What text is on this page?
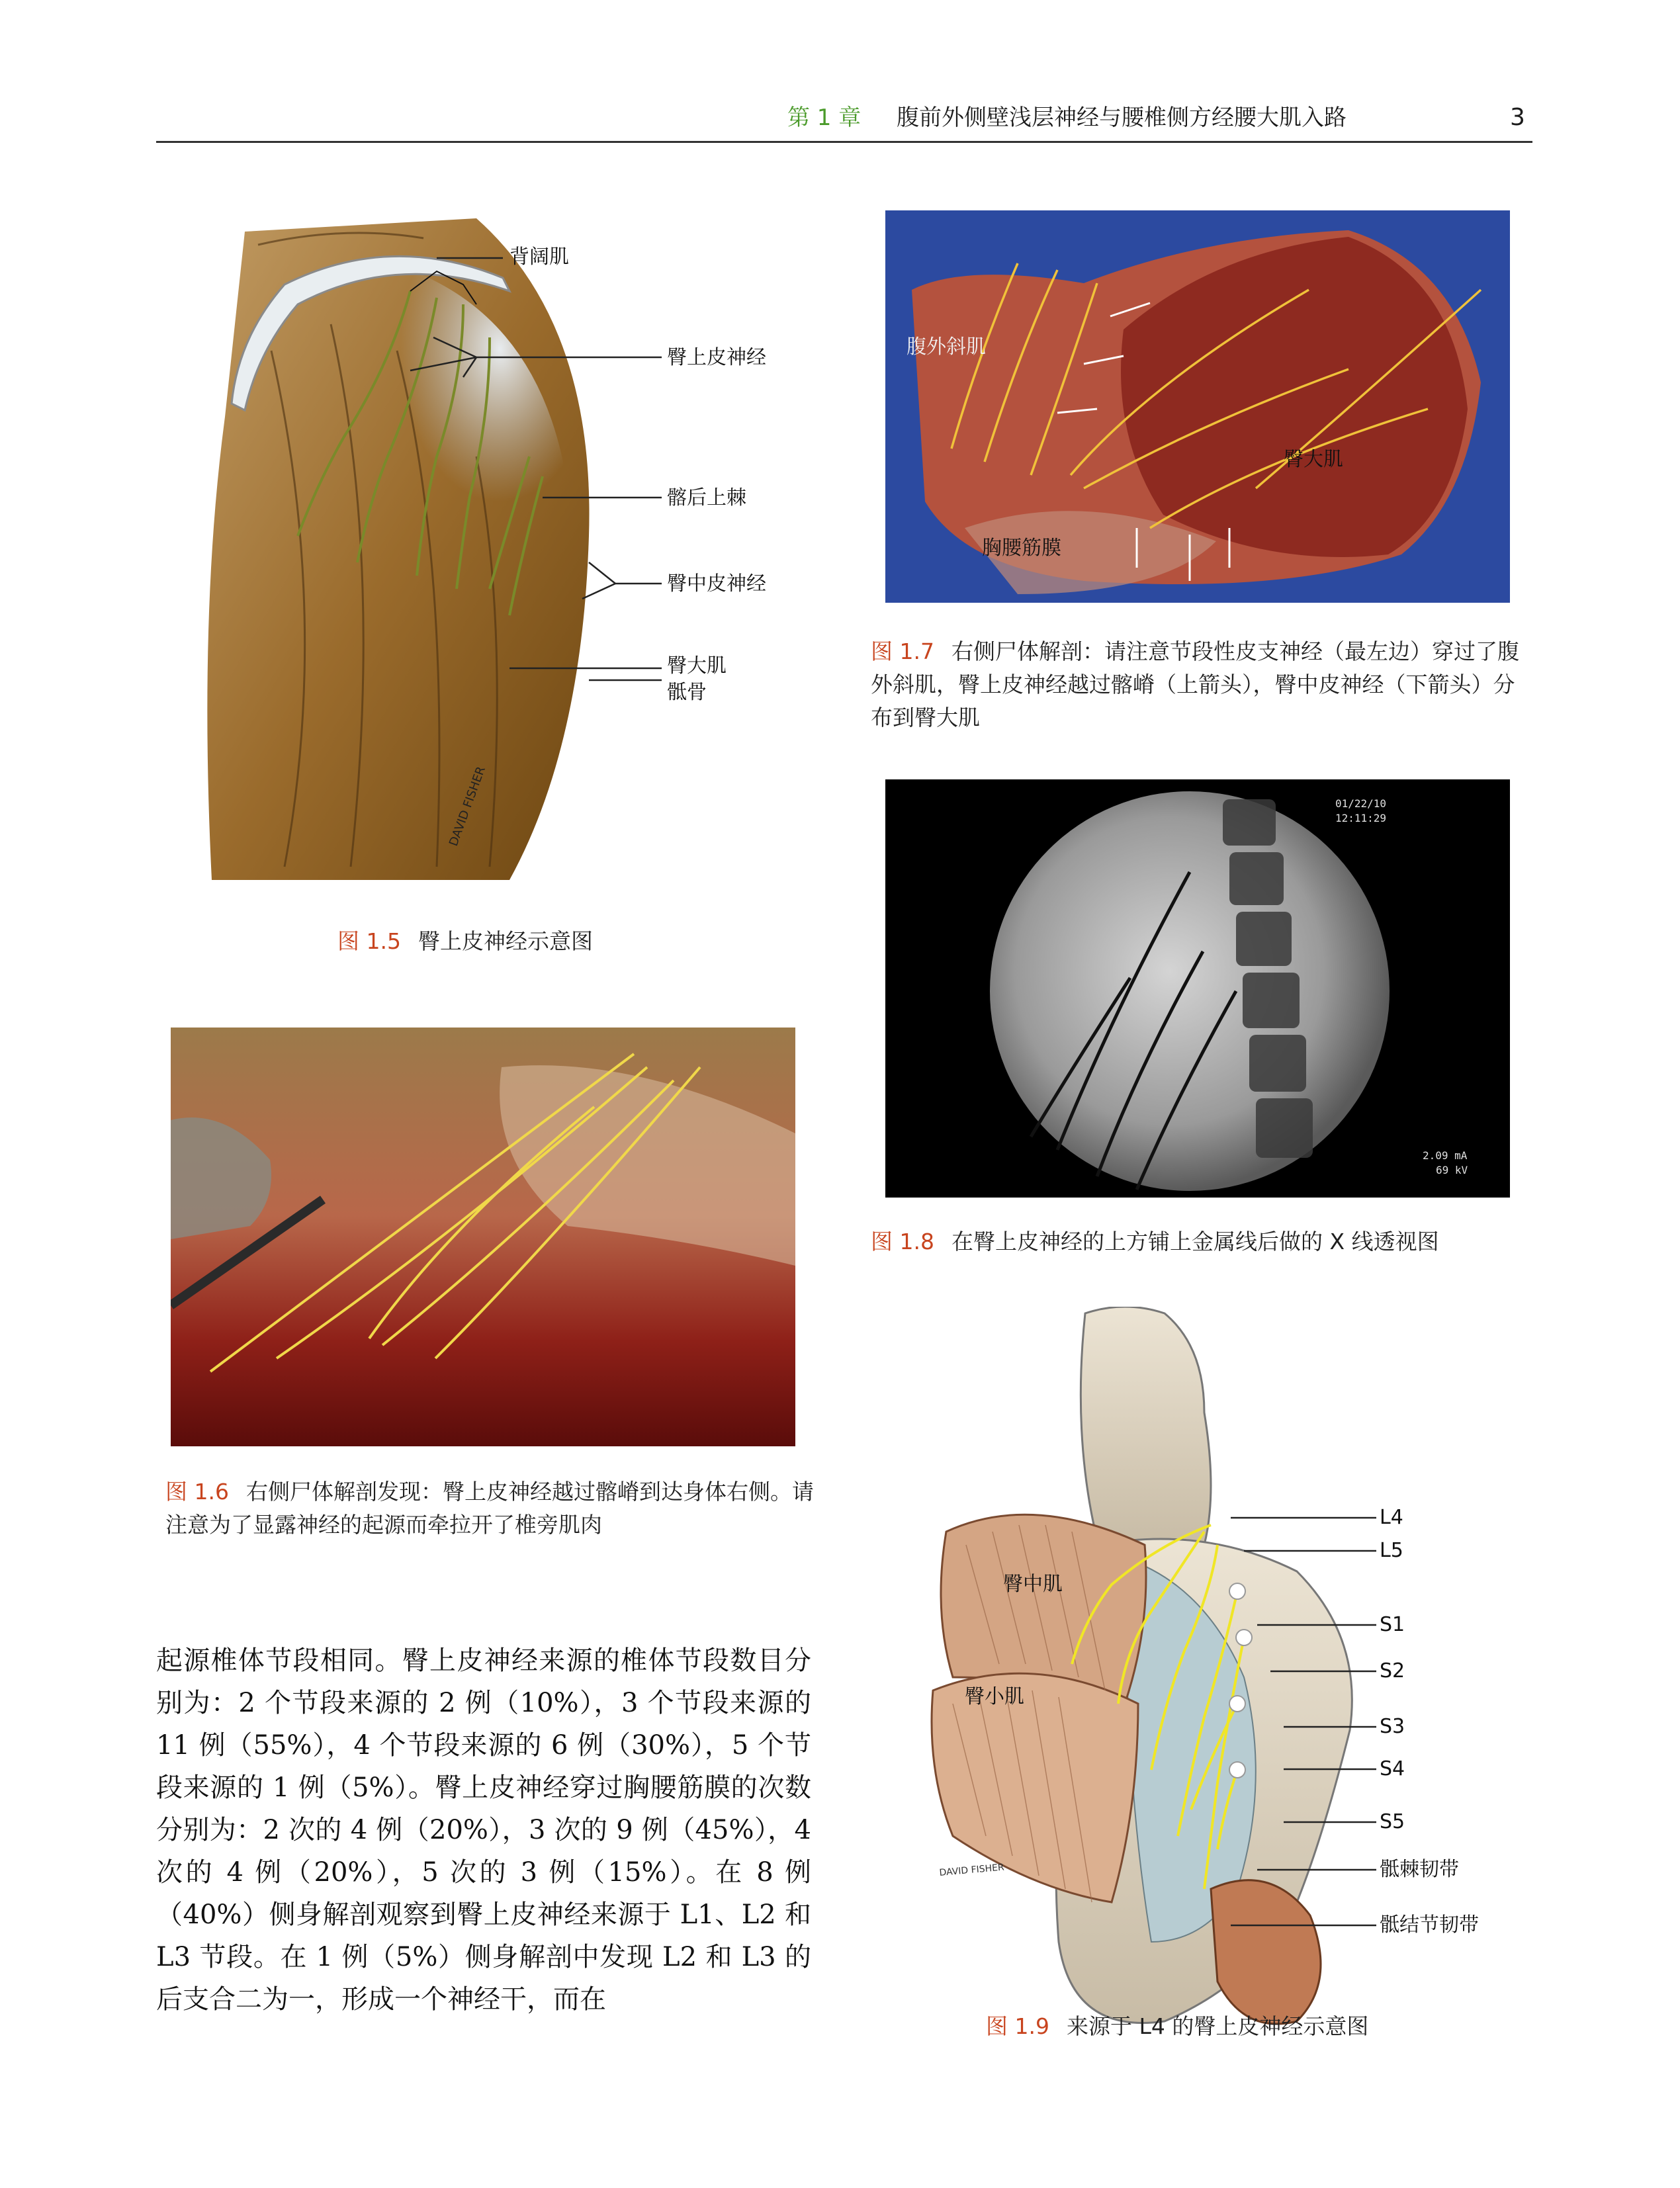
第 1 章 腹前外侧壁浅层神经与腰椎侧方经腰大肌入路	3
DAVID FISHER
背阔肌
臀上皮神经
髂后上棘
臀中皮神经
臀大肌
骶骨
图 1.5 臀上皮神经示意图
图 1.6 右侧尸体解剖发现：臀上皮神经越过髂嵴到达身体右侧。请注意为了显露神经的起源而牵拉开了椎旁肌肉

起源椎体节段相同。臀上皮神经来源的椎体节段数目分别为：2 个节段来源的 2 例（10%），3 个节段来源的 11 例（55%），4 个节段来源的 6 例（30%），5 个节段来源的 1 例（5%）。臀上皮神经穿过胸腰筋膜的次数分别为：2 次的 4 例（20%），3 次的 9 例（45%），4 次的 4 例（20%），5 次的 3 例（15%）。在 8 例（40%）侧身解剖观察到臀上皮神经来源于 L1、L2 和 L3 节段。在 1 例（5%）侧身解剖中发现 L2 和 L3 的后支合二为一，形成一个神经干，而在

腹外斜肌
臀大肌
胸腰筋膜
图 1.7 右侧尸体解剖：请注意节段性皮支神经（最左边）穿过了腹外斜肌，臀上皮神经越过髂嵴（上箭头），臀中皮神经（下箭头）分布到臀大肌
01/22/10
12:11:29
2.09 mA
69 kV
图 1.8 在臀上皮神经的上方铺上金属线后做的 X 线透视图
DAVID FISHER
臀中肌
臀小肌
L4
L5
S1
S2
S3
S4
S5
骶棘韧带
骶结节韧带
图 1.9 来源于 L4 的臀上皮神经示意图
